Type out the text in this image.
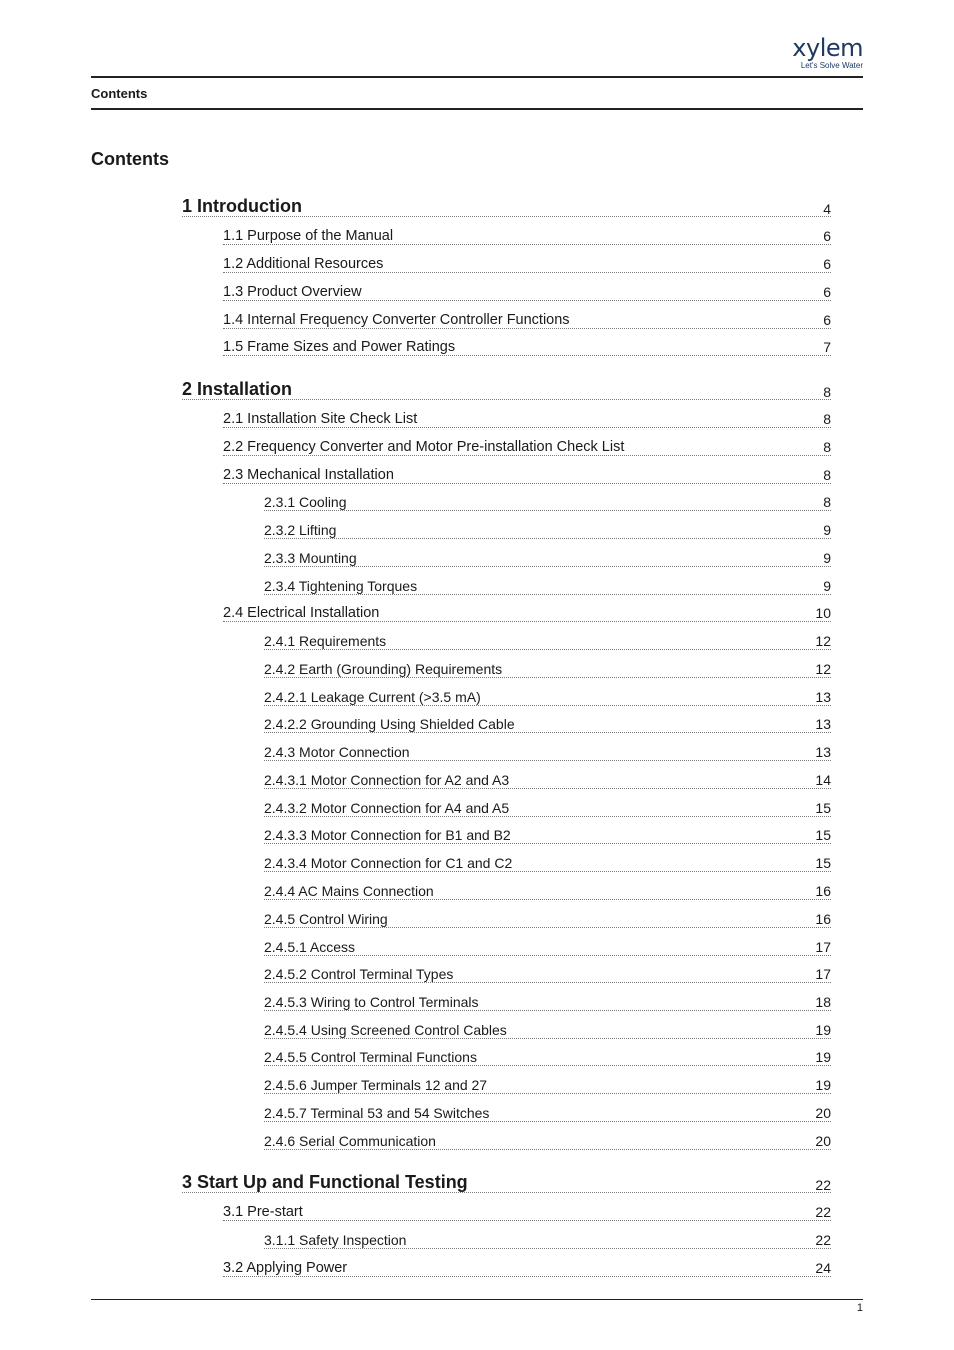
xylem
Let's Solve Water
Contents
Contents
1 Introduction	4
1.1 Purpose of the Manual	6
1.2 Additional Resources	6
1.3 Product Overview	6
1.4 Internal Frequency Converter Controller Functions	6
1.5 Frame Sizes and Power Ratings	7
2 Installation	8
2.1 Installation Site Check List	8
2.2 Frequency Converter and Motor Pre-installation Check List	8
2.3 Mechanical Installation	8
2.3.1 Cooling	8
2.3.2 Lifting	9
2.3.3 Mounting	9
2.3.4 Tightening Torques	9
2.4 Electrical Installation	10
2.4.1 Requirements	12
2.4.2 Earth (Grounding) Requirements	12
2.4.2.1 Leakage Current (>3.5 mA)	13
2.4.2.2 Grounding Using Shielded Cable	13
2.4.3 Motor Connection	13
2.4.3.1 Motor Connection for A2 and A3	14
2.4.3.2 Motor Connection for A4 and A5	15
2.4.3.3 Motor Connection for B1 and B2	15
2.4.3.4 Motor Connection for C1 and C2	15
2.4.4 AC Mains Connection	16
2.4.5 Control Wiring	16
2.4.5.1 Access	17
2.4.5.2 Control Terminal Types	17
2.4.5.3 Wiring to Control Terminals	18
2.4.5.4 Using Screened Control Cables	19
2.4.5.5 Control Terminal Functions	19
2.4.5.6 Jumper Terminals 12 and 27	19
2.4.5.7 Terminal 53 and 54 Switches	20
2.4.6 Serial Communication	20
3 Start Up and Functional Testing	22
3.1 Pre-start	22
3.1.1 Safety Inspection	22
3.2 Applying Power	24
1
